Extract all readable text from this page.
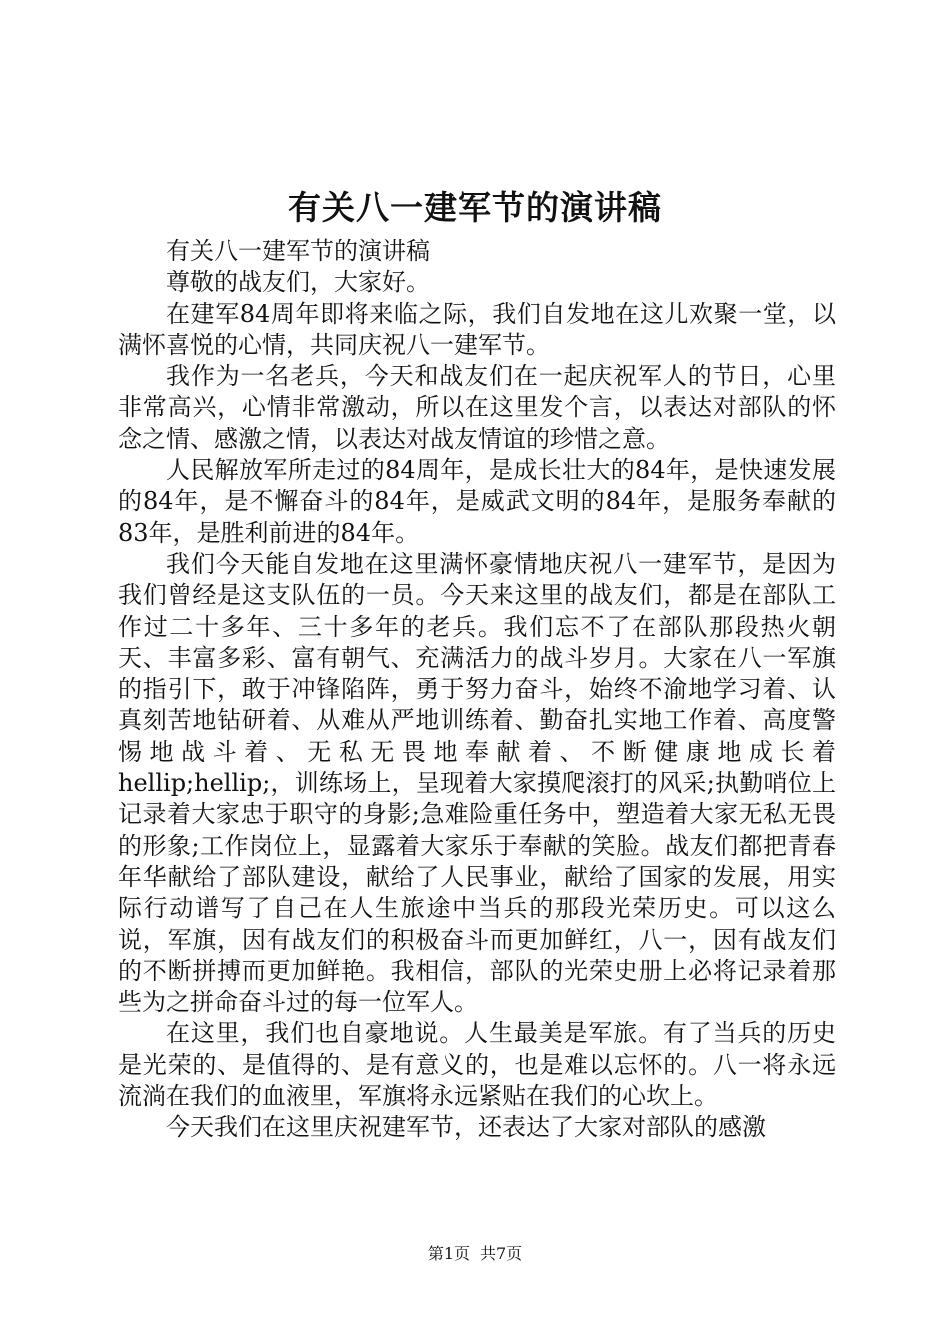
有关八一建军节的演讲稿

有关八一建军节的演讲稿

尊敬的战友们，大家好。

在建军84周年即将来临之际，我们自发地在这儿欢聚一堂，以满怀喜悦的心情，共同庆祝八一建军节。

我作为一名老兵，今天和战友们在一起庆祝军人的节日，心里非常高兴，心情非常激动，所以在这里发个言，以表达对部队的怀念之情、感激之情，以表达对战友情谊的珍惜之意。

人民解放军所走过的84周年，是成长壮大的84年，是快速发展的84年，是不懈奋斗的84年，是威武文明的84年，是服务奉献的83年，是胜利前进的84年。

我们今天能自发地在这里满怀豪情地庆祝八一建军节，是因为我们曾经是这支队伍的一员。今天来这里的战友们，都是在部队工作过二十多年、三十多年的老兵。我们忘不了在部队那段热火朝天、丰富多彩、富有朝气、充满活力的战斗岁月。大家在八一军旗的指引下，敢于冲锋陷阵，勇于努力奋斗，始终不渝地学习着、认真刻苦地钻研着、从难从严地训练着、勤奋扎实地工作着、高度警惕地战斗着、无私无畏地奉献着、不断健康地成长着hellip;hellip;，训练场上，呈现着大家摸爬滚打的风采;执勤哨位上记录着大家忠于职守的身影;急难险重任务中，塑造着大家无私无畏的形象;工作岗位上，显露着大家乐于奉献的笑脸。战友们都把青春年华献给了部队建设，献给了人民事业，献给了国家的发展，用实际行动谱写了自己在人生旅途中当兵的那段光荣历史。可以这么说，军旗，因有战友们的积极奋斗而更加鲜红，八一，因有战友们的不断拼搏而更加鲜艳。我相信，部队的光荣史册上必将记录着那些为之拼命奋斗过的每一位军人。

在这里，我们也自豪地说。人生最美是军旅。有了当兵的历史是光荣的、是值得的、是有意义的，也是难以忘怀的。八一将永远流淌在我们的血液里，军旗将永远紧贴在我们的心坎上。

今天我们在这里庆祝建军节，还表达了大家对部队的感激

第1页 共7页
